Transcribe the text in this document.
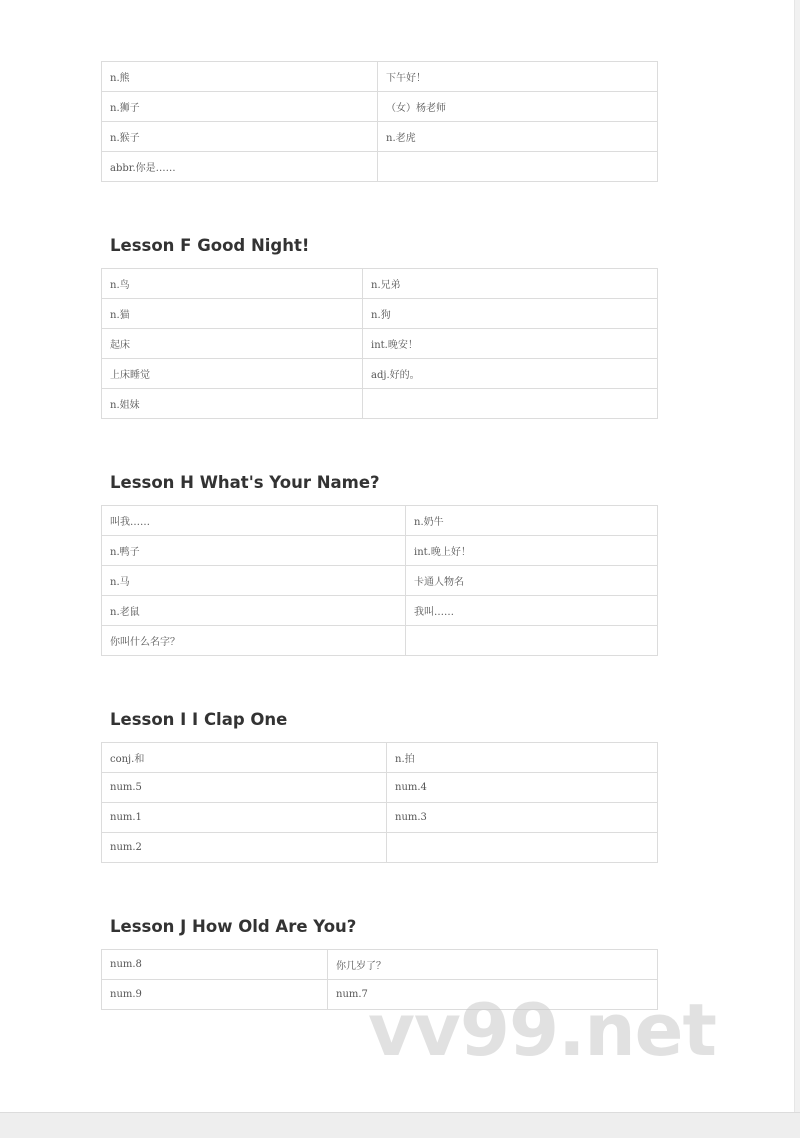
n.熊	下午好！
n.狮子	（女）杨老师
n.猴子	n.老虎
abbr.你是……	
Lesson F Good Night!
n.鸟	n.兄弟
n.猫	n.狗
起床	int.晚安！
上床睡觉	adj.好的。
n.姐妹	
Lesson H What's Your Name?
叫我……	n.奶牛
n.鸭子	int.晚上好！
n.马	卡通人物名
n.老鼠	我叫……
你叫什么名字？	
Lesson I I Clap One
conj.和	n.拍
num.5	num.4
num.1	num.3
num.2	
Lesson J How Old Are You?
num.8	你几岁了？
num.9	num.7 vv99.net
